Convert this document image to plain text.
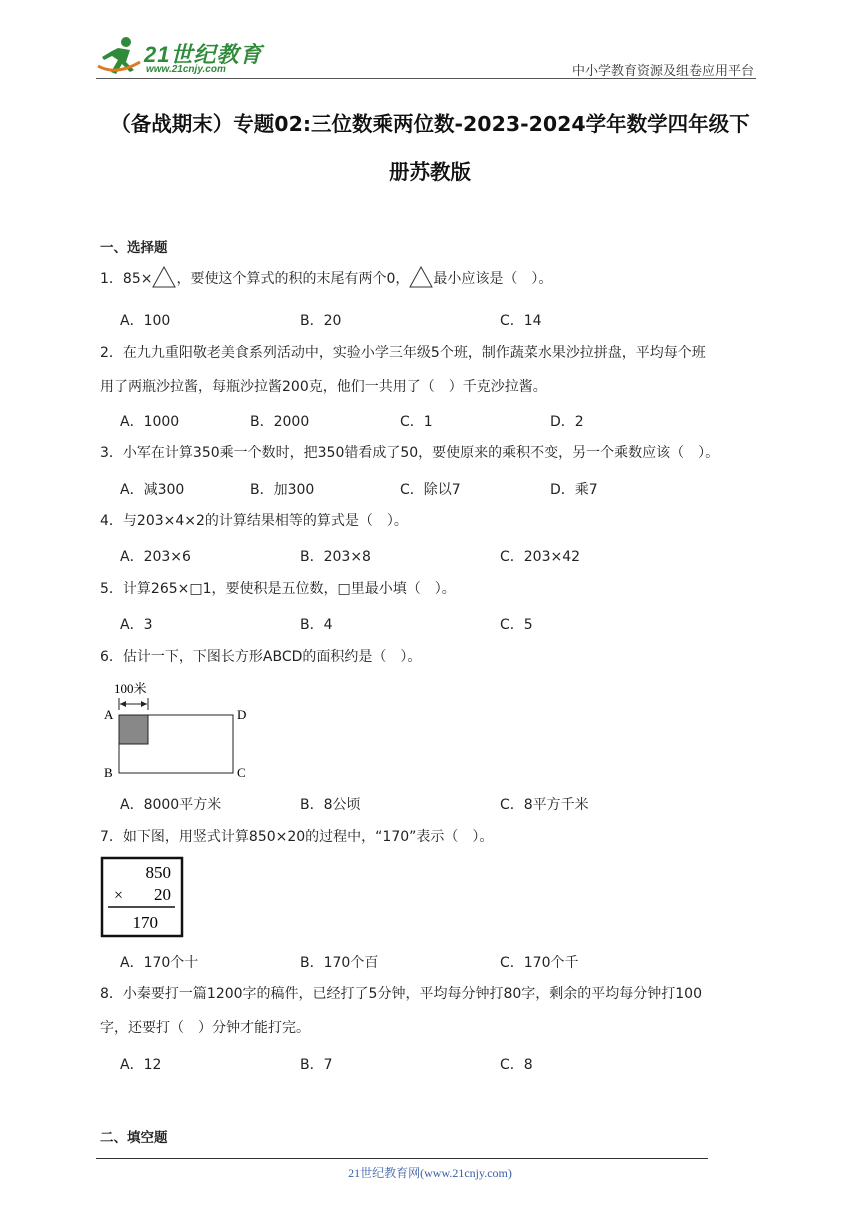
21世纪教育
www.21cnjy.com	中小学教育资源及组卷应用平台
（备战期末）专题02:三位数乘两位数-2023-2024学年数学四年级下
册苏教版
一、选择题
1．85× ，要使这个算式的积的末尾有两个0， 最小应该是（　）。
A．100	B．20	C．14
2．在九九重阳敬老美食系列活动中，实验小学三年级5个班，制作蔬菜水果沙拉拼盘，平均每个班
用了两瓶沙拉酱，每瓶沙拉酱200克，他们一共用了（　）千克沙拉酱。
A．1000	B．2000	C．1	D．2
3．小军在计算350乘一个数时，把350错看成了50，要使原来的乘积不变，另一个乘数应该（　）。
A．减300	B．加300	C．除以7	D．乘7
4．与203×4×2的计算结果相等的算式是（　）。
A．203×6	B．203×8	C．203×42
5．计算265×□1，要使积是五位数，□里最小填（　）。
A．3	B．4	C．5
6．估计一下，下图长方形ABCD的面积约是（　）。
100米
A	D
B	C
A．8000平方米	B．8公顷	C．8平方千米
7．如下图，用竖式计算850×20的过程中，“170”表示（　）。
850
× 20
170
A．170个十	B．170个百	C．170个千
8．小秦要打一篇1200字的稿件，已经打了5分钟，平均每分钟打80字，剩余的平均每分钟打100
字，还要打（　）分钟才能打完。
A．12	B．7	C．8
二、填空题
21世纪教育网(www.21cnjy.com)
